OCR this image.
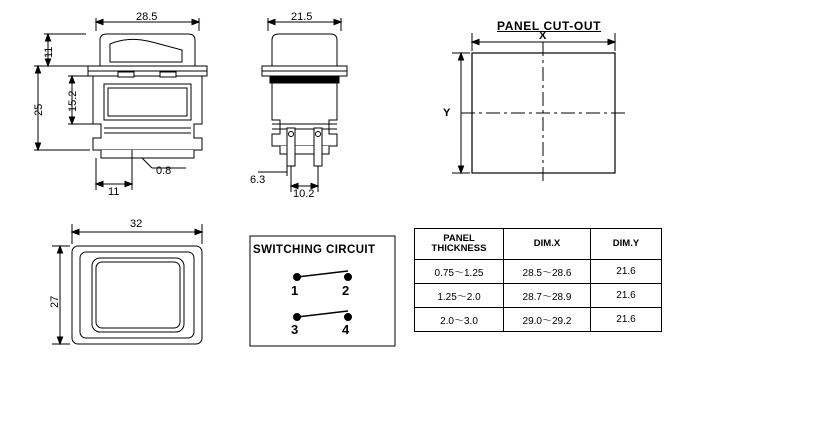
28.5
11
25 15.2
11
0.8
21.5
6.3
10.2
PANEL CUT-OUT
X
Y
32
27
SWITCHING CIRCUIT
1	2
3	4
PANEL
THICKNESS	DIM.X	DIM.Y
0.75～1.25	28.5～28.6	21.6
1.25～2.0	28.7～28.9	21.6
2.0～3.0	29.0～29.2	21.6
